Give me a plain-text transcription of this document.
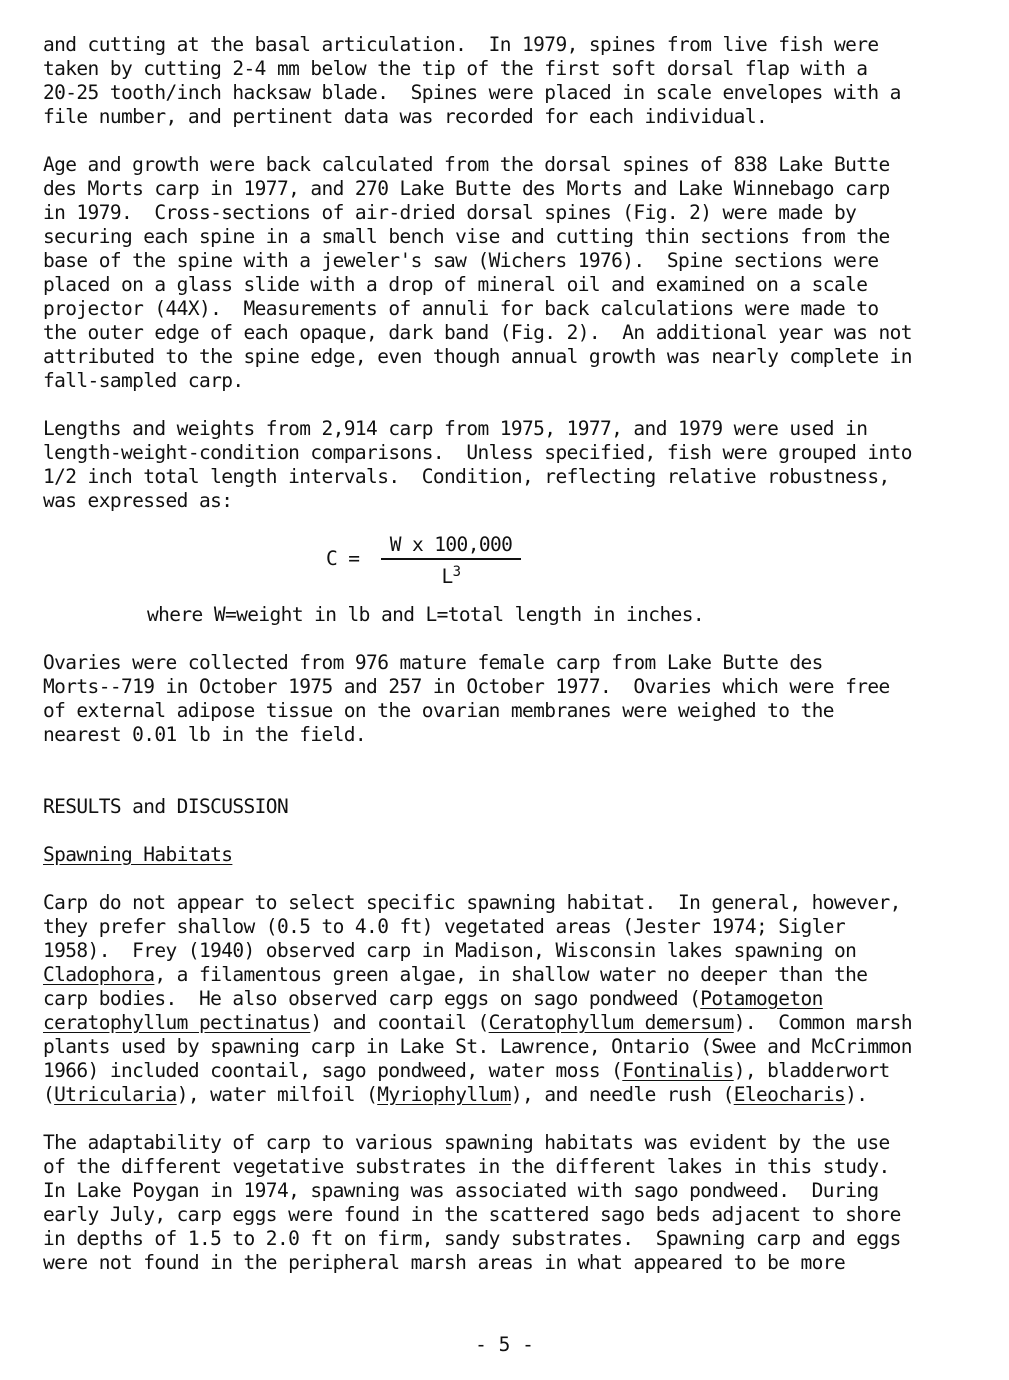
and cutting at the basal articulation.  In 1979, spines from live fish were
taken by cutting 2-4 mm below the tip of the first soft dorsal flap with a
20-25 tooth/inch hacksaw blade.  Spines were placed in scale envelopes with a
file number, and pertinent data was recorded for each individual.
Age and growth were back calculated from the dorsal spines of 838 Lake Butte
des Morts carp in 1977, and 270 Lake Butte des Morts and Lake Winnebago carp
in 1979.  Cross-sections of air-dried dorsal spines (Fig. 2) were made by
securing each spine in a small bench vise and cutting thin sections from the
base of the spine with a jeweler's saw (Wichers 1976).  Spine sections were
placed on a glass slide with a drop of mineral oil and examined on a scale
projector (44X).  Measurements of annuli for back calculations were made to
the outer edge of each opaque, dark band (Fig. 2).  An additional year was not
attributed to the spine edge, even though annual growth was nearly complete in
fall-sampled carp.
Lengths and weights from 2,914 carp from 1975, 1977, and 1979 were used in
length-weight-condition comparisons.  Unless specified, fish were grouped into
1/2 inch total length intervals.  Condition, reflecting relative robustness,
was expressed as:
$C = \frac{\text{W x 100,000}}{L^3}$
where W=weight in lb and L=total length in inches.
Ovaries were collected from 976 mature female carp from Lake Butte des
Morts--719 in October 1975 and 257 in October 1977.  Ovaries which were free
of external adipose tissue on the ovarian membranes were weighed to the
nearest 0.01 lb in the field.
RESULTS and DISCUSSION
Spawning Habitats
Carp do not appear to select specific spawning habitat.  In general, however,
they prefer shallow (0.5 to 4.0 ft) vegetated areas (Jester 1974; Sigler
1958).  Frey (1940) observed carp in Madison, Wisconsin lakes spawning on
Cladophora, a filamentous green algae, in shallow water no deeper than the
carp bodies.  He also observed carp eggs on sago pondweed (Potamogeton
ceratophyllum pectinatus) and coontail (Ceratophyllum demersum).  Common marsh
plants used by spawning carp in Lake St. Lawrence, Ontario (Swee and McCrimmon
1966) included coontail, sago pondweed, water moss (Fontinalis), bladderwort
(Utricularia), water milfoil (Myriophyllum), and needle rush (Eleocharis).
The adaptability of carp to various spawning habitats was evident by the use
of the different vegetative substrates in the different lakes in this study.
In Lake Poygan in 1974, spawning was associated with sago pondweed.  During
early July, carp eggs were found in the scattered sago beds adjacent to shore
in depths of 1.5 to 2.0 ft on firm, sandy substrates.  Spawning carp and eggs
were not found in the peripheral marsh areas in what appeared to be more
- 5 -
